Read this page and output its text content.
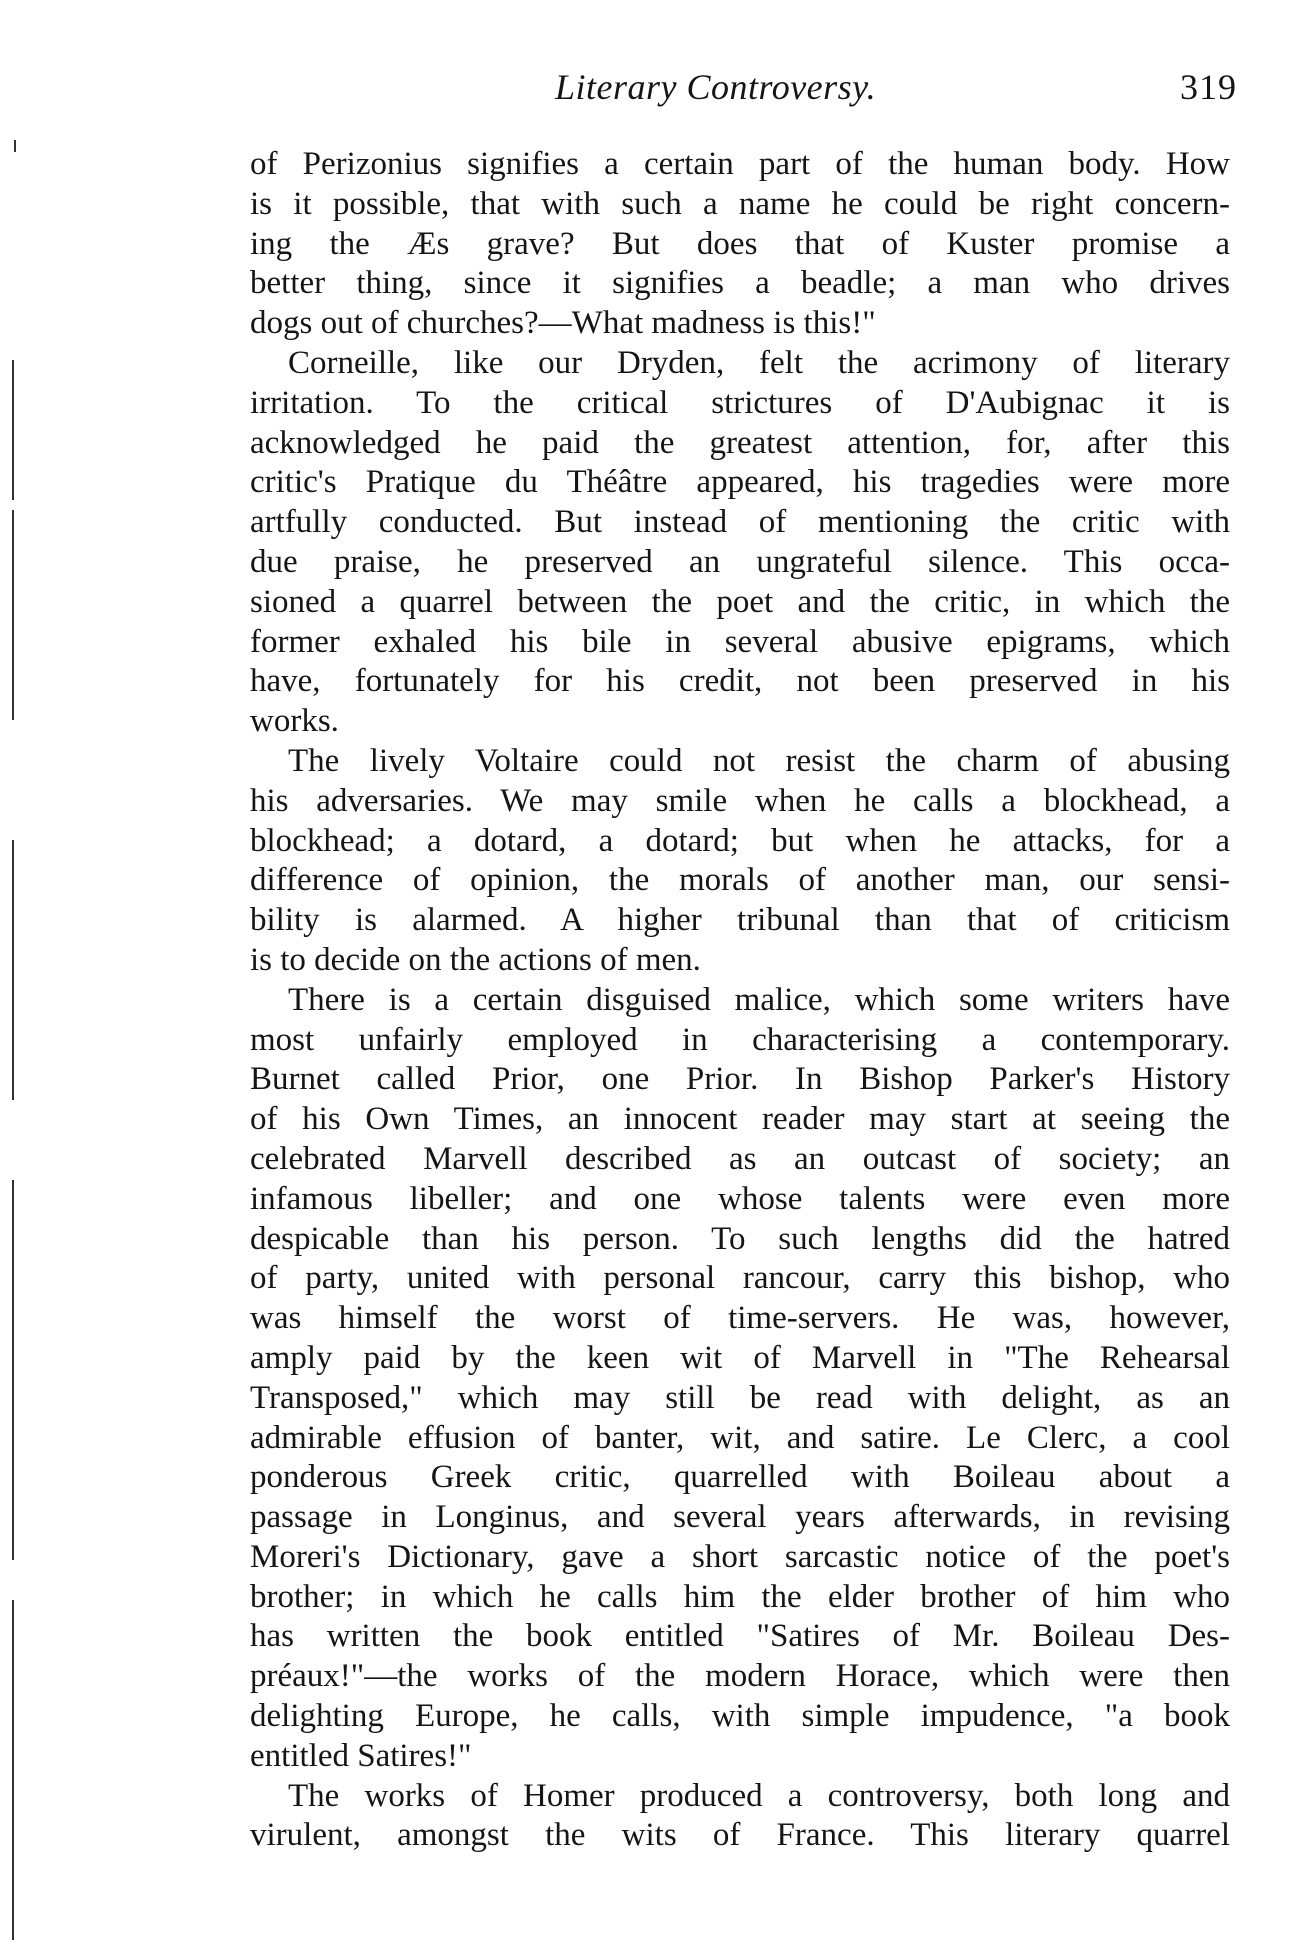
Literary Controversy.	319
of Perizonius signifies a certain part of the human body. How
is it possible, that with such a name he could be right concern-
ing the Æs grave? But does that of Kuster promise a
better thing, since it signifies a beadle; a man who drives
dogs out of churches?—What madness is this!"
Corneille, like our Dryden, felt the acrimony of literary
irritation. To the critical strictures of D'Aubignac it is
acknowledged he paid the greatest attention, for, after this
critic's Pratique du Théâtre appeared, his tragedies were more
artfully conducted. But instead of mentioning the critic with
due praise, he preserved an ungrateful silence. This occa-
sioned a quarrel between the poet and the critic, in which the
former exhaled his bile in several abusive epigrams, which
have, fortunately for his credit, not been preserved in his
works.
The lively Voltaire could not resist the charm of abusing
his adversaries. We may smile when he calls a blockhead, a
blockhead; a dotard, a dotard; but when he attacks, for a
difference of opinion, the morals of another man, our sensi-
bility is alarmed. A higher tribunal than that of criticism
is to decide on the actions of men.
There is a certain disguised malice, which some writers have
most unfairly employed in characterising a contemporary.
Burnet called Prior, one Prior. In Bishop Parker's History
of his Own Times, an innocent reader may start at seeing the
celebrated Marvell described as an outcast of society; an
infamous libeller; and one whose talents were even more
despicable than his person. To such lengths did the hatred
of party, united with personal rancour, carry this bishop, who
was himself the worst of time-servers. He was, however,
amply paid by the keen wit of Marvell in "The Rehearsal
Transposed," which may still be read with delight, as an
admirable effusion of banter, wit, and satire. Le Clerc, a cool
ponderous Greek critic, quarrelled with Boileau about a
passage in Longinus, and several years afterwards, in revising
Moreri's Dictionary, gave a short sarcastic notice of the poet's
brother; in which he calls him the elder brother of him who
has written the book entitled "Satires of Mr. Boileau Des-
préaux!"—the works of the modern Horace, which were then
delighting Europe, he calls, with simple impudence, "a book
entitled Satires!"
The works of Homer produced a controversy, both long and
virulent, amongst the wits of France. This literary quarrel
